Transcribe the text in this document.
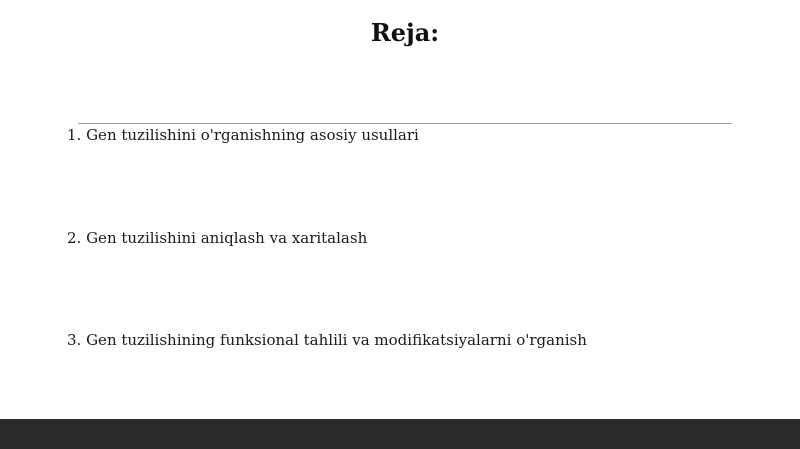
Reja:
1. Gen tuzilishini o'rganishning asosiy usullari
2. Gen tuzilishini aniqlash va xaritalash
3. Gen tuzilishining funksional tahlili va modifikatsiyalarni o'rganish
